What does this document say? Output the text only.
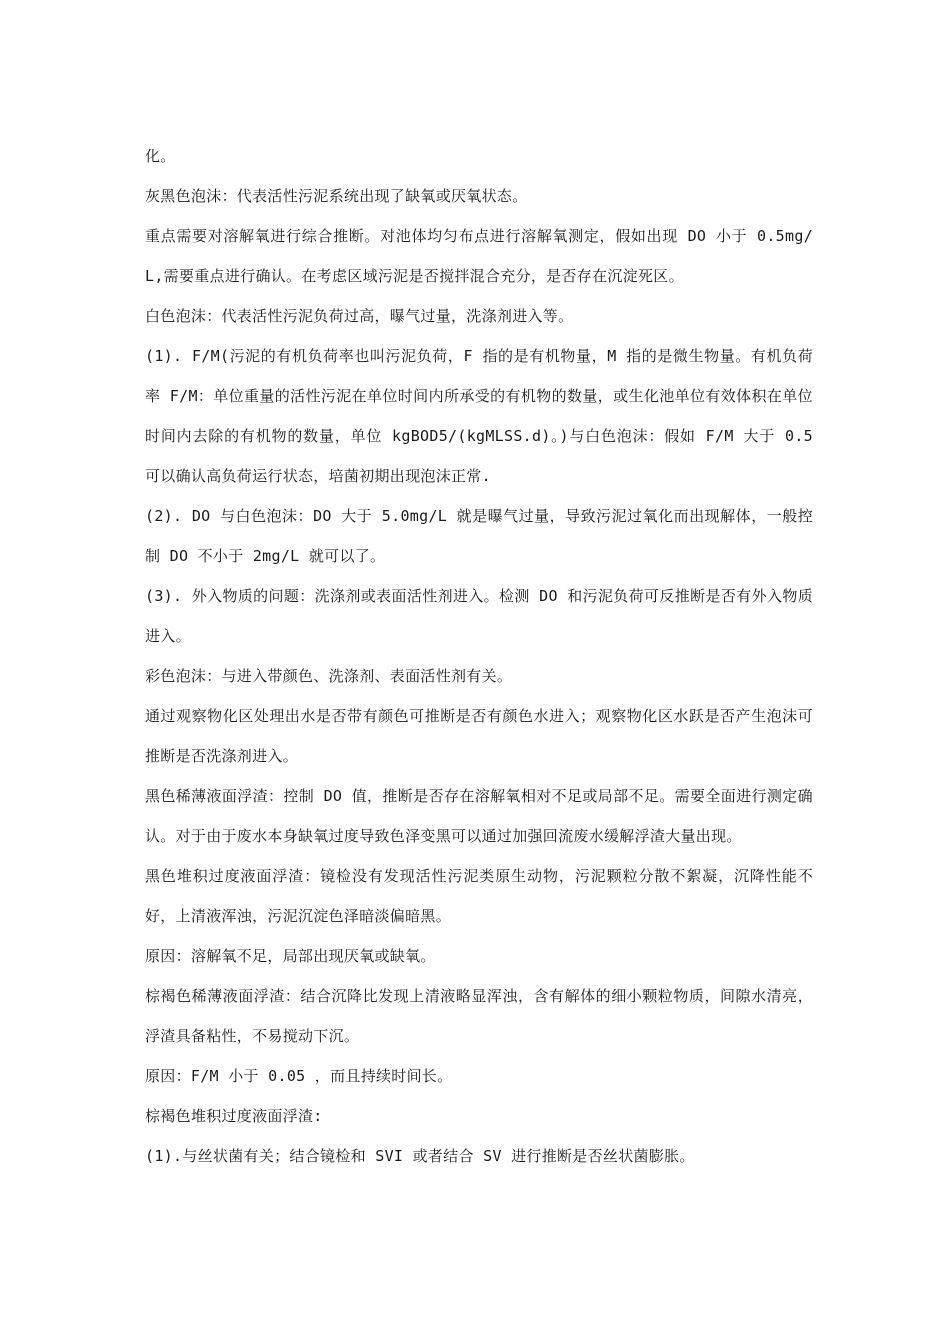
化。

灰黑色泡沫：代表活性污泥系统出现了缺氧或厌氧状态。

重点需要对溶解氧进行综合推断。对池体均匀布点进行溶解氧测定，假如出现 DO 小于 0.5mg/L,需要重点进行确认。在考虑区域污泥是否搅拌混合充分，是否存在沉淀死区。

白色泡沫：代表活性污泥负荷过高，曝气过量，洗涤剂进入等。

(1). F/M(污泥的有机负荷率也叫污泥负荷，F 指的是有机物量，M 指的是微生物量。有机负荷率 F/M：单位重量的活性污泥在单位时间内所承受的有机物的数量，或生化池单位有效体积在单位时间内去除的有机物的数量，单位 kgBOD5/(kgMLSS.d)。)与白色泡沫：假如 F/M 大于 0.5 可以确认高负荷运行状态，培菌初期出现泡沫正常.

(2). DO 与白色泡沫：DO 大于 5.0mg/L 就是曝气过量，导致污泥过氧化而出现解体，一般控制 DO 不小于 2mg/L 就可以了。

(3). 外入物质的问题：洗涤剂或表面活性剂进入。检测 DO 和污泥负荷可反推断是否有外入物质进入。

彩色泡沫：与进入带颜色、洗涤剂、表面活性剂有关。

通过观察物化区处理出水是否带有颜色可推断是否有颜色水进入；观察物化区水跃是否产生泡沫可推断是否洗涤剂进入。

黑色稀薄液面浮渣：控制 DO 值，推断是否存在溶解氧相对不足或局部不足。需要全面进行测定确认。对于由于废水本身缺氧过度导致色泽变黑可以通过加强回流废水缓解浮渣大量出现。

黑色堆积过度液面浮渣：镜检没有发现活性污泥类原生动物，污泥颗粒分散不絮凝，沉降性能不好，上清液浑浊，污泥沉淀色泽暗淡偏暗黑。

原因：溶解氧不足，局部出现厌氧或缺氧。

棕褐色稀薄液面浮渣：结合沉降比发现上清液略显浑浊，含有解体的细小颗粒物质，间隙水清亮，浮渣具备粘性，不易搅动下沉。

原因：F/M 小于 0.05 ，而且持续时间长。

棕褐色堆积过度液面浮渣:

(1).与丝状菌有关；结合镜检和 SVI 或者结合 SV 进行推断是否丝状菌膨胀。
